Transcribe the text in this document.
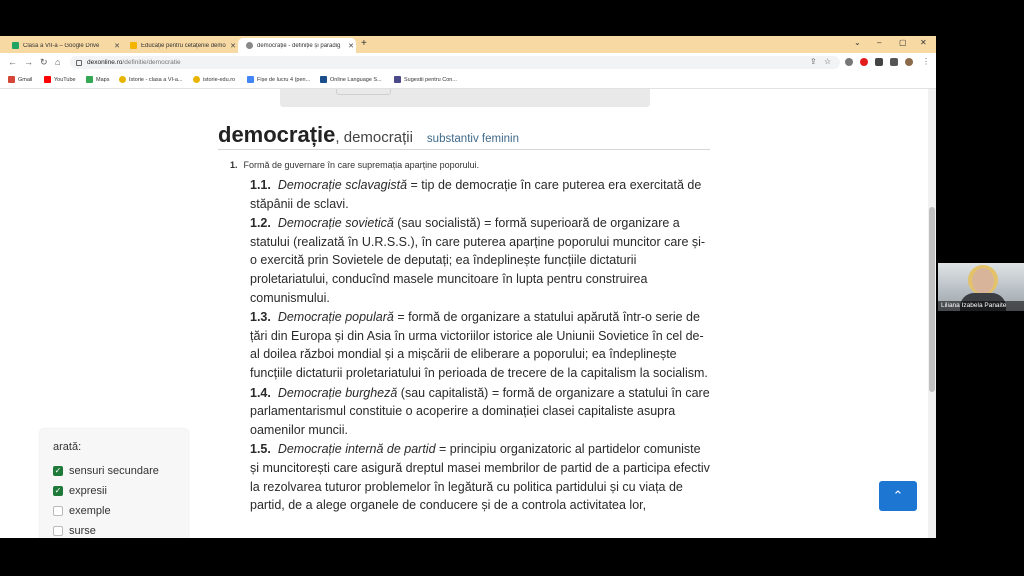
Clasa a VII-a – Google Drive	✕	Educație pentru cetățenie demo ✕	democrație - definiție și paradig	✕ +	⌄ – ▢ ✕
← → ↻ ⌂	dexonline.ro /definitie/democratie	⇪ ☆	⋮
Gmail	YouTube	Maps	Istorie - clasa a VI-a...	istorie-edu.ro	Fișe de lucru 4 (pen...	Online Language S...	Sugestii pentru Con...
democrație , democrații substantiv feminin
1. Formă de guvernare în care supremația aparține poporului.
1.1. Democrație sclavagistă = tip de democrație în care puterea era exercitată de stăpânii de sclavi.
1.2. Democrație sovietică (sau socialistă) = formă superioară de organizare a statului (realizată în U.R.S.S.), în care puterea aparține poporului muncitor care și-o exercită prin Sovietele de deputați; ea îndeplinește funcțiile dictaturii proletariatului, conducînd masele muncitoare în lupta pentru construirea comunismului.
1.3. Democrație populară = formă de organizare a statului apărută într-o serie de țări din Europa și din Asia în urma victoriilor istorice ale Uniunii Sovietice în cel de-al doilea război mondial și a mișcării de eliberare a poporului; ea îndeplinește funcțiile dictaturii proletariatului în perioada de trecere de la capitalism la socialism.
1.4. Democrație burgheză (sau capitalistă) = formă de organizare a statului în care parlamentarismul constituie o acoperire a dominației clasei capitaliste asupra oamenilor muncii.
1.5. Democrație internă de partid = principiu organizatoric al partidelor comuniste și muncitorești care asigură dreptul masei membrilor de partid de a participa efectiv la rezolvarea tuturor problemelor în legătură cu politica partidului și cu viața de partid, de a alege organele de conducere și de a controla activitatea lor,
arată:
✓ sensuri secundare
✓ expresii
exemple
surse
⌃
Liliana Izabela Panaite
